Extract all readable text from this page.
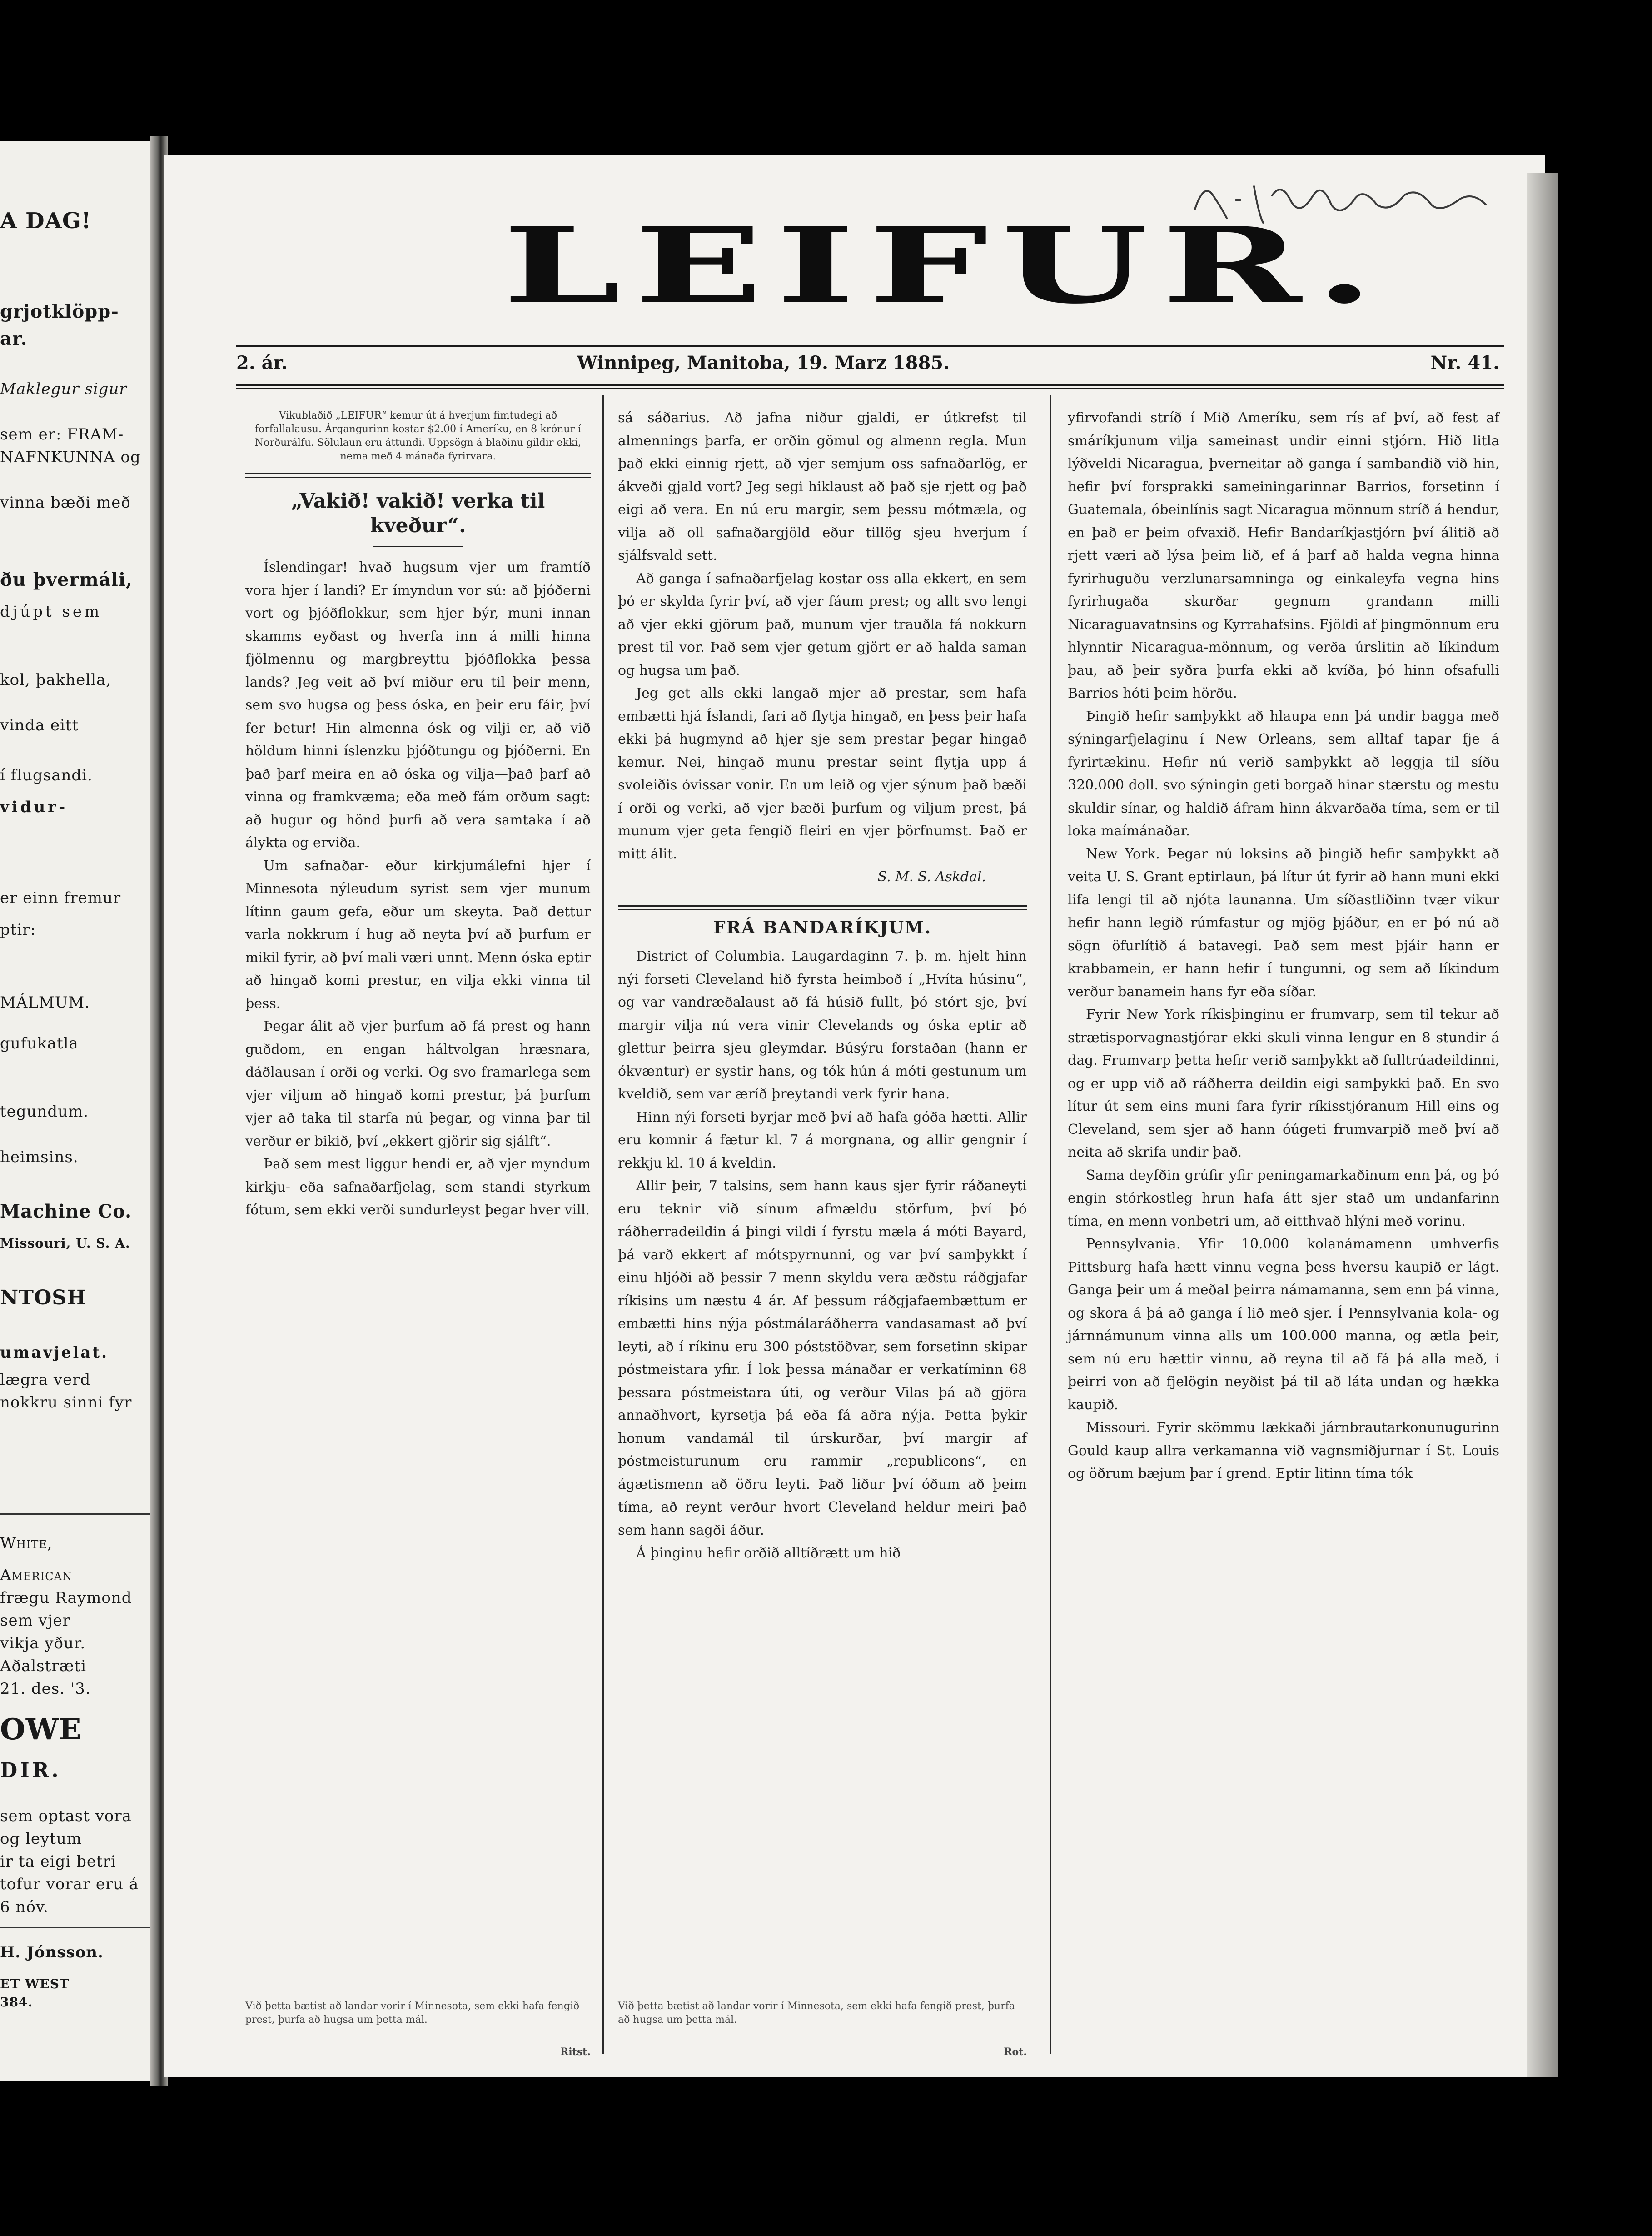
A DAG!
grjotklöpp-
ar.
Maklegur sigur
sem er: FRAM-
NAFNKUNNA og
vinna bæði með
ðu þvermáli,
djúpt sem
kol, þakhella,
vinda eitt
í flugsandi.
vidur-
er einn fremur
ptir:
MÁLMUM.
gufukatla
tegundum.
heimsins.
Machine Co.
Missouri, U. S. A.
NTOSH
umavjelat.
lægra verd
nokkru sinni fyr
White,
American
frægu Raymond
sem vjer
vikja yður.
Aðalstræti
21. des. '3.
OWE
DIR.
sem optast vora
og leytum
ir ta eigi betri
tofur vorar eru á
6 nóv.
H. Jónsson.
ET WEST
384.
LEIFUR.
2. ár.	Winnipeg, Manitoba, 19. Marz 1885.	Nr. 41.
Vikublaðið „LEIFUR“ kemur út á hverjum fimtudegi að forfallalausu. Árgangurinn kostar $2.00 í Ameríku, en 8 krónur í Norðurálfu. Sölulaun eru áttundi. Uppsögn á blaðinu gildir ekki, nema með 4 mánaða fyrirvara.
„Vakið! vakið! verka til kveður“.

Íslendingar! hvað hugsum vjer um framtíð vora hjer í landi? Er ímyndun vor sú: að þjóðerni vort og þjóðflokkur, sem hjer býr, muni innan skamms eyðast og hverfa inn á milli hinna fjölmennu og margbreyttu þjóðflokka þessa lands? Jeg veit að því miður eru til þeir menn, sem svo hugsa og þess óska, en þeir eru fáir, því fer betur! Hin almenna ósk og vilji er, að við höldum hinni íslenzku þjóðtungu og þjóðerni. En það þarf meira en að óska og vilja—það þarf að vinna og framkvæma; eða með fám orðum sagt: að hugur og hönd þurfi að vera samtaka í að ályktа og erviða.

Um safnaðar- eður kirkjumálefni hjer í Minnesota nýleudum syrist sem vjer munum lítinn gaum gefa, eður um skeyta. Það dettur varla nokkrum í hug að neyta því að þurfum er mikil fyrir, að því mali væri unnt. Menn óska eptir að hingað komi prestur, en vilja ekki vinna til þess.

Þegar álit að vjer þurfum að fá prest og hann guðdom, en engan háltvolgan hræsnara, dáðlausan í orði og verki. Og svo framarlega sem vjer viljum að hingað komi prestur, þá þurfum vjer að taka til starfa nú þegar, og vinna þar til verður er bikið, því „ekkert gjörir sig sjálft“.

Það sem mest liggur hendi er, að vjer myndum kirkju- eða safnaðarfjelag, sem standi styrkum fótum, sem ekki verði sundurleyst þegar hver vill.

sá sáðarius. Að jafna niður gjaldi, er útkrefst til almennings þarfa, er orðin gömul og almenn regla. Mun það ekki einnig rjett, að vjer semjum oss safnaðarlög, er ákveði gjald vort? Jeg segi hiklaust að það sje rjett og það eigi að vera. En nú eru margir, sem þessu mótmæla, og vilja að oll safnaðargjöld eður tillög sjeu hverjum í sjálfsvald sett.

Að ganga í safnaðarfjelag kostar oss alla ekkert, en sem þó er skylda fyrir því, að vjer fáum prest; og allt svo lengi að vjer ekki gjörum það, munum vjer trauðla fá nokkurn prest til vor. Það sem vjer getum gjört er að halda saman og hugsa um það.

Jeg get alls ekki langað mjer að prestar, sem hafa embætti hjá Íslandi, fari að flytja hingað, en þess þeir hafa ekki þá hugmynd að hjer sje sem prestar þegar hingað kemur. Nei, hingað munu prestar seint flytja upp á svoleiðis óvissar vonir. En um leið og vjer sýnum það bæði í orði og verki, að vjer bæði þurfum og viljum prest, þá munum vjer geta fengið fleiri en vjer þörfnumst. Það er mitt álit.

S. M. S. Askdal.
FRÁ BANDARÍKJUM.

District of Columbia. Laugardaginn 7. þ. m. hjelt hinn nýi forseti Cleveland hið fyrsta heimboð í „Hvíta húsinu“, og var vandræðalaust að fá húsið fullt, þó stórt sje, því margir vilja nú vera vinir Clevelands og óska eptir að glettur þeirra sjeu gleymdar. Búsýru forstaðan (hann er ókvæntur) er systir hans, og tók hún á móti gestunum um kveldið, sem var æríð þreytandi verk fyrir hana.

Hinn nýi forseti byrjar með því að hafa góða hætti. Allir eru komnir á fætur kl. 7 á morgnana, og allir gengnir í rekkju kl. 10 á kveldin.

Allir þeir, 7 talsins, sem hann kaus sjer fyrir ráðaneyti eru teknir við sínum afmældu störfum, því þó ráðherradeildin á þingi vildi í fyrstu mæla á móti Bayard, þá varð ekkert af mótspyrnunni, og var því samþykkt í einu hljóði að þessir 7 menn skyldu vera æðstu ráðgjafar ríkisins um næstu 4 ár. Af þessum ráðgjafaembættum er embætti hins nýja póstmálaráðherra vandasamast að því leyti, að í ríkinu eru 300 póststöðvar, sem forsetinn skipar póstmeistara yfir. Í lok þessa mánaðar er verkatíminn 68 þessara póstmeistara úti, og verður Vilas þá að gjöra annaðhvort, kyrsetja þá eða fá aðra nýja. Þetta þykir honum vandamál til úrskurðar, því margir af póstmeisturunum eru rammir „republicons“, en ágætismenn að öðru leyti. Það liður því óðum að þeim tíma, að reynt verður hvort Cleveland heldur meiri það sem hann sagði áður.

Á þinginu hefir orðið alltíðrætt um hið

yfirvofandi stríð í Mið Ameríku, sem rís af því, að fest af smáríkjunum vilja sameinast undir einni stjórn. Hið litla lýðveldi Nicaragua, þverneitar að ganga í sambandið við hin, hefir því forsprakki sameiningarinnar Barrios, forsetinn í Guatemala, óbeinlínis sagt Nicaragua mönnum stríð á hendur, en það er þeim ofvaxið. Hefir Bandaríkjastjórn því álitið að rjett væri að lýsa þeim lið, ef á þarf að halda vegna hinna fyrirhuguðu verzlunarsamninga og einkaleyfa vegna hins fyrirhugaða skurðar gegnum grandann milli Nicaraguavatnsins og Kyrrahafsins. Fjöldi af þingmönnum eru hlynntir Nicaragua-mönnum, og verða úrslitin að líkindum þau, að þeir syðra þurfa ekki að kvíða, þó hinn ofsafulli Barrios hóti þeim hörðu.

Þingið hefir samþykkt að hlaupa enn þá undir bagga með sýningarfjelaginu í New Orleans, sem alltaf tapar fje á fyrirtækinu. Hefir nú verið samþykkt að leggja til síðu 320.000 doll. svo sýningin geti borgað hinar stærstu og mestu skuldir sínar, og haldið áfram hinn ákvarðaða tíma, sem er til loka maímánaðar.

New York. Þegar nú loksins að þingið hefir samþykkt að veita U. S. Grant eptirlaun, þá lítur út fyrir að hann muni ekki lifa lengi til að njóta launanna. Um síðastliðinn tvær vikur hefir hann legið rúmfastur og mjög þjáður, en er þó nú að sögn öfurlítið á batavegi. Það sem mest þjáir hann er krabbamein, er hann hefir í tungunni, og sem að líkindum verður banamein hans fyr eða síðar.

Fyrir New York ríkisþinginu er frumvarp, sem til tekur að strætisporvagnastjórar ekki skuli vinna lengur en 8 stundir á dag. Frumvarp þetta hefir verið samþykkt að fulltrúadeildinni, og er upp við að ráðherra deildin eigi samþykki það. En svo lítur út sem eins muni fara fyrir ríkisstjóranum Hill eins og Cleveland, sem sjer að hann óúgeti frumvarpið með því að neita að skrifa undir það.

Sama deyfðin grúfir yfir peningamarkaðinum enn þá, og þó engin stórkostleg hrun hafa átt sjer stað um undanfarinn tíma, en menn vonbetri um, að eitthvað hlýni með vorinu.

Pennsylvania. Yfir 10.000 kolanámamenn umhverfis Pittsburg hafa hætt vinnu vegna þess hversu kaupið er lágt. Ganga þeir um á meðal þeirra námamanna, sem enn þá vinna, og skora á þá að ganga í lið með sjer. Í Pennsylvania kola- og járnnámunum vinna alls um 100.000 manna, og ætla þeir, sem nú eru hættir vinnu, að reyna til að fá þá alla með, í þeirri von að fjelögin neyðist þá til að láta undan og hækka kaupið.

Missouri. Fyrir skömmu lækkaði járnbrautarkonunugurinn Gould kaup allra verkamanna við vagnsmiðjurnar í St. Louis og öðrum bæjum þar í grend. Eptir litinn tíma tók

Við þetta bætist að landar vorir í Minnesota, sem ekki hafa fengið prest, þurfa að hugsa um þetta mál.
Ritst.
Við þetta bætist að landar vorir í Minnesota, sem ekki hafa fengið prest, þurfa að hugsa um þetta mál.
Rot.
